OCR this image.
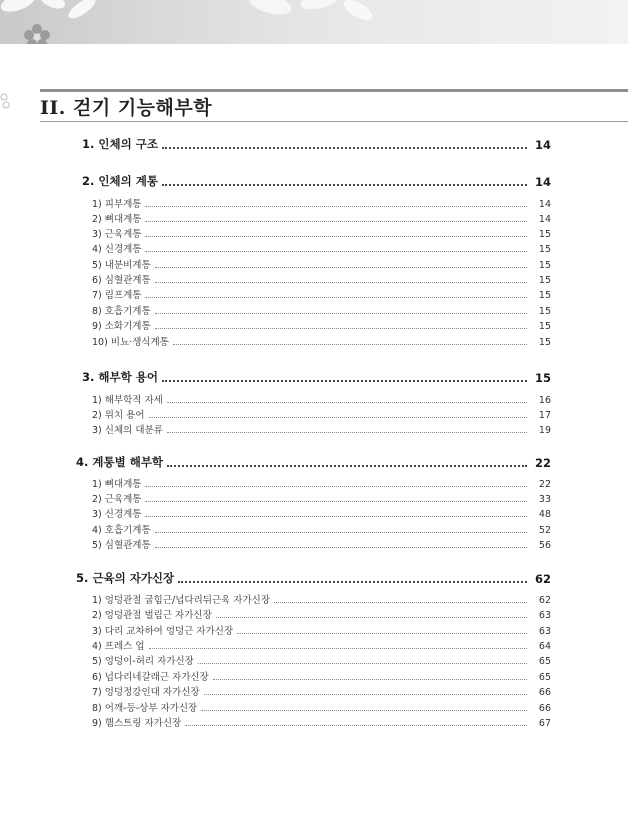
II. 걷기 기능해부학
1. 인체의 구조	14
2. 인체의 계통	14
1) 피부계통	14
2) 뼈대계통	14
3) 근육계통	15
4) 신경계통	15
5) 내분비계통	15
6) 심혈관계통	15
7) 림프계통	15
8) 호흡기계통	15
9) 소화기계통	15
10) 비뇨·생식계통	15
3. 해부학 용어	15
1) 해부학적 자세	16
2) 위치 용어	17
3) 신체의 대분류	19
4. 계통별 해부학	22
1) 뼈대계통	22
2) 근육계통	33
3) 신경계통	48
4) 호흡기계통	52
5) 심혈관계통	56
5. 근육의 자가신장	62
1) 엉덩관절 굽힘근/넙다리뒤근육 자가신장	62
2) 엉덩관절 벌림근 자가신장	63
3) 다리 교차하여 엉덩근 자가신장	63
4) 프레스 업	64
5) 엉덩이-허리 자가신장	65
6) 넙다리네갈래근 자가신장	65
7) 엉덩정강인대 자가신장	66
8) 어깨-등-상부 자가신장	66
9) 햄스트링 자가신장	67
